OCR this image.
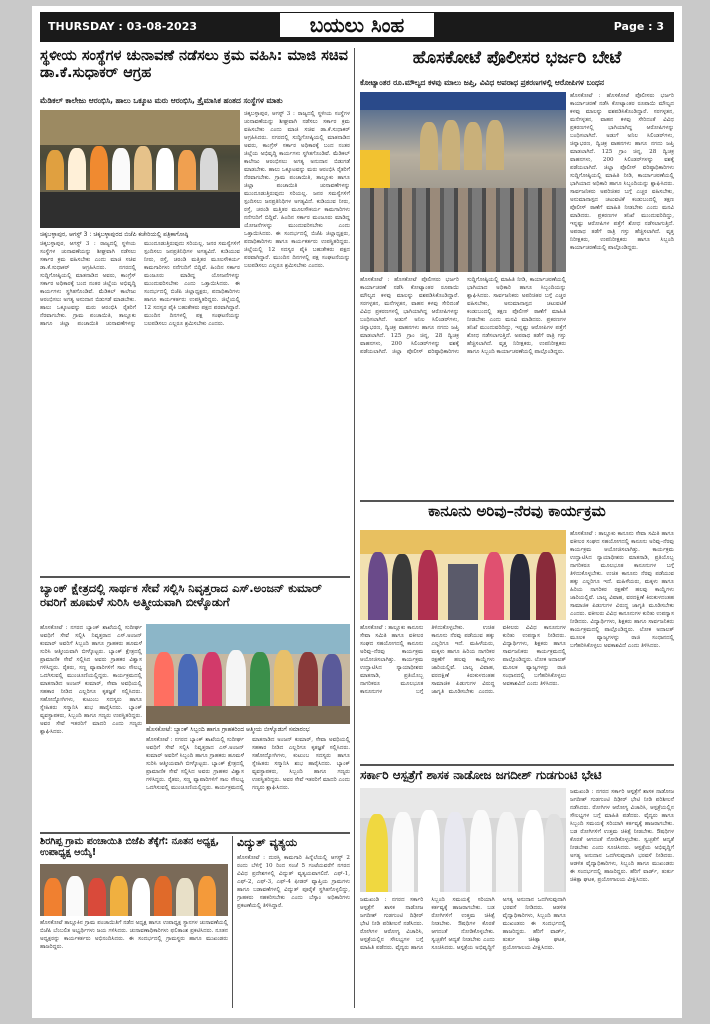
THURSDAY : 03-08-2023	ಬಯಲು ಸಿಂಹ	Page : 3
ಸ್ಥಳೀಯ ಸಂಸ್ಥೆಗಳ ಚುನಾವಣೆ ನಡೆಸಲು ಕ್ರಮ ವಹಿಸಿ: ಮಾಜಿ ಸಚಿವ ಡಾ.ಕೆ.ಸುಧಾಕರ್ ಆಗ್ರಹ
ಮೆಡಿಕಲ್ ಕಾಲೇಜು ಆರಂಭಿಸಿ, ಹಾಲು ಒಕ್ಕೂಟ ಮರು ಆರಂಭಿಸಿ, ತ್ರೈಮಾಸಿಕ ಹಂತದ ಸಂಸ್ಥೆಗಳ ಮಾತು
ಚಿಕ್ಕಬಳ್ಳಾಪುರ, ಆಗಸ್ಟ್ 3 : ಚಿಕ್ಕಬಳ್ಳಾಪುರದ ಬಿಜೆಪಿ ಕಚೇರಿಯಲ್ಲಿ ಪತ್ರಿಕಾಗೋಷ್ಠಿ
ಚಿಕ್ಕಬಳ್ಳಾಪುರ, ಆಗಸ್ಟ್ 3 : ರಾಜ್ಯದಲ್ಲಿ ಸ್ಥಳೀಯ ಸಂಸ್ಥೆಗಳ ಚುನಾವಣೆಯನ್ನು ಶೀಘ್ರವಾಗಿ ನಡೆಸಲು ಸರ್ಕಾರ ಕ್ರಮ ವಹಿಸಬೇಕು ಎಂದು ಮಾಜಿ ಸಚಿವ ಡಾ.ಕೆ.ಸುಧಾಕರ್ ಆಗ್ರಹಿಸಿದರು. ನಗರದಲ್ಲಿ ಸುದ್ದಿಗೋಷ್ಠಿಯಲ್ಲಿ ಮಾತನಾಡಿದ ಅವರು, ಕಾಂಗ್ರೆಸ್ ಸರ್ಕಾರ ಅಧಿಕಾರಕ್ಕೆ ಬಂದ ನಂತರ ಜಿಲ್ಲೆಯ ಅಭಿವೃದ್ಧಿ ಕಾರ್ಯಗಳು ಸ್ಥಗಿತಗೊಂಡಿವೆ. ಮೆಡಿಕಲ್ ಕಾಲೇಜು ಆರಂಭಿಸಲು ಅಗತ್ಯ ಅನುದಾನ ಬಿಡುಗಡೆ ಮಾಡಬೇಕು. ಹಾಲು ಒಕ್ಕೂಟವನ್ನು ಮರು ಆರಂಭಿಸಿ ರೈತರಿಗೆ ನೆರವಾಗಬೇಕು. ಗ್ರಾಮ ಪಂಚಾಯಿತಿ, ತಾಲ್ಲೂಕು ಹಾಗೂ ಜಿಲ್ಲಾ ಪಂಚಾಯಿತಿ ಚುನಾವಣೆಗಳನ್ನು ಮುಂದೂಡುತ್ತಿರುವುದು ಸರಿಯಲ್ಲ. ಜನರ ಸಮಸ್ಯೆಗಳಿಗೆ ಸ್ಪಂದಿಸಲು ಜನಪ್ರತಿನಿಧಿಗಳ ಅಗತ್ಯವಿದೆ. ಕುಡಿಯುವ ನೀರು, ರಸ್ತೆ, ಚರಂಡಿ ಮತ್ತಿತರ ಮೂಲಸೌಕರ್ಯ ಕಾಮಗಾರಿಗಳು ನನೆಗುದಿಗೆ ಬಿದ್ದಿವೆ. ಹಿಂದಿನ ಸರ್ಕಾರ ಮಂಜೂರು ಮಾಡಿದ್ದ ಯೋಜನೆಗಳನ್ನು ಮುಂದುವರಿಸಬೇಕು ಎಂದು ಒತ್ತಾಯಿಸಿದರು. ಈ ಸಂದರ್ಭದಲ್ಲಿ ಬಿಜೆಪಿ ಜಿಲ್ಲಾಧ್ಯಕ್ಷರು, ಪದಾಧಿಕಾರಿಗಳು ಹಾಗೂ ಕಾರ್ಯಕರ್ತರು ಉಪಸ್ಥಿತರಿದ್ದರು. ಜಿಲ್ಲೆಯಲ್ಲಿ 12 ಸದಸ್ಯರ ಪೈಕಿ ಬಹುತೇಕರು ಪಕ್ಷದ ಪರವಾಗಿದ್ದಾರೆ. ಮುಂದಿನ ದಿನಗಳಲ್ಲಿ ಪಕ್ಷ ಸಂಘಟನೆಯನ್ನು ಬಲಪಡಿಸಲು ಎಲ್ಲರೂ ಶ್ರಮಿಸಬೇಕು ಎಂದರು.
ಚಿಕ್ಕಬಳ್ಳಾಪುರ, ಆಗಸ್ಟ್ 3 : ರಾಜ್ಯದಲ್ಲಿ ಸ್ಥಳೀಯ ಸಂಸ್ಥೆಗಳ ಚುನಾವಣೆಯನ್ನು ಶೀಘ್ರವಾಗಿ ನಡೆಸಲು ಸರ್ಕಾರ ಕ್ರಮ ವಹಿಸಬೇಕು ಎಂದು ಮಾಜಿ ಸಚಿವ ಡಾ.ಕೆ.ಸುಧಾಕರ್ ಆಗ್ರಹಿಸಿದರು. ನಗರದಲ್ಲಿ ಸುದ್ದಿಗೋಷ್ಠಿಯಲ್ಲಿ ಮಾತನಾಡಿದ ಅವರು, ಕಾಂಗ್ರೆಸ್ ಸರ್ಕಾರ ಅಧಿಕಾರಕ್ಕೆ ಬಂದ ನಂತರ ಜಿಲ್ಲೆಯ ಅಭಿವೃದ್ಧಿ ಕಾರ್ಯಗಳು ಸ್ಥಗಿತಗೊಂಡಿವೆ. ಮೆಡಿಕಲ್ ಕಾಲೇಜು ಆರಂಭಿಸಲು ಅಗತ್ಯ ಅನುದಾನ ಬಿಡುಗಡೆ ಮಾಡಬೇಕು. ಹಾಲು ಒಕ್ಕೂಟವನ್ನು ಮರು ಆರಂಭಿಸಿ ರೈತರಿಗೆ ನೆರವಾಗಬೇಕು. ಗ್ರಾಮ ಪಂಚಾಯಿತಿ, ತಾಲ್ಲೂಕು ಹಾಗೂ ಜಿಲ್ಲಾ ಪಂಚಾಯಿತಿ ಚುನಾವಣೆಗಳನ್ನು ಮುಂದೂಡುತ್ತಿರುವುದು ಸರಿಯಲ್ಲ. ಜನರ ಸಮಸ್ಯೆಗಳಿಗೆ ಸ್ಪಂದಿಸಲು ಜನಪ್ರತಿನಿಧಿಗಳ ಅಗತ್ಯವಿದೆ. ಕುಡಿಯುವ ನೀರು, ರಸ್ತೆ, ಚರಂಡಿ ಮತ್ತಿತರ ಮೂಲಸೌಕರ್ಯ ಕಾಮಗಾರಿಗಳು ನನೆಗುದಿಗೆ ಬಿದ್ದಿವೆ. ಹಿಂದಿನ ಸರ್ಕಾರ ಮಂಜೂರು ಮಾಡಿದ್ದ ಯೋಜನೆಗಳನ್ನು ಮುಂದುವರಿಸಬೇಕು ಎಂದು ಒತ್ತಾಯಿಸಿದರು. ಈ ಸಂದರ್ಭದಲ್ಲಿ ಬಿಜೆಪಿ ಜಿಲ್ಲಾಧ್ಯಕ್ಷರು, ಪದಾಧಿಕಾರಿಗಳು ಹಾಗೂ ಕಾರ್ಯಕರ್ತರು ಉಪಸ್ಥಿತರಿದ್ದರು. ಜಿಲ್ಲೆಯಲ್ಲಿ 12 ಸದಸ್ಯರ ಪೈಕಿ ಬಹುತೇಕರು ಪಕ್ಷದ ಪರವಾಗಿದ್ದಾರೆ. ಮುಂದಿನ ದಿನಗಳಲ್ಲಿ ಪಕ್ಷ ಸಂಘಟನೆಯನ್ನು ಬಲಪಡಿಸಲು ಎಲ್ಲರೂ ಶ್ರಮಿಸಬೇಕು ಎಂದರು.
ಬ್ಯಾಂಕ್ ಕ್ಷೇತ್ರದಲ್ಲಿ ಸಾರ್ಥಕ ಸೇವೆ ಸಲ್ಲಿಸಿ ನಿವೃತ್ತರಾದ ಎಸ್.ಅಂಜನ್ ಕುಮಾರ್ ರವರಿಗೆ ಹೂಮಳೆ ಸುರಿಸಿ ಅತ್ಮೀಯವಾಗಿ ಬೀಳ್ಕೊಡುಗೆ
ಹೊಸಕೋಟೆ : ನಗರದ ಬ್ಯಾಂಕ್ ಶಾಖೆಯಲ್ಲಿ ಸುದೀರ್ಘ ಅವಧಿಗೆ ಸೇವೆ ಸಲ್ಲಿಸಿ ನಿವೃತ್ತರಾದ ಎಸ್.ಅಂಜನ್ ಕುಮಾರ್ ಅವರಿಗೆ ಸಿಬ್ಬಂದಿ ಹಾಗೂ ಗ್ರಾಹಕರು ಹೂಮಳೆ ಸುರಿಸಿ ಆತ್ಮೀಯವಾಗಿ ಬೀಳ್ಕೊಟ್ಟರು. ಬ್ಯಾಂಕ್ ಕ್ಷೇತ್ರದಲ್ಲಿ ಪ್ರಾಮಾಣಿಕ ಸೇವೆ ಸಲ್ಲಿಸಿದ ಅವರು ಗ್ರಾಹಕರ ವಿಶ್ವಾಸ ಗಳಿಸಿದ್ದರು. ರೈತರು, ಸಣ್ಣ ವ್ಯಾಪಾರಿಗಳಿಗೆ ಸಾಲ ಸೌಲಭ್ಯ ಒದಗಿಸುವಲ್ಲಿ ಮುಂಚೂಣಿಯಲ್ಲಿದ್ದರು. ಕಾರ್ಯಕ್ರಮದಲ್ಲಿ ಮಾತನಾಡಿದ ಅಂಜನ್ ಕುಮಾರ್, ಸೇವಾ ಅವಧಿಯಲ್ಲಿ ಸಹಕಾರ ನೀಡಿದ ಎಲ್ಲರಿಗೂ ಕೃತಜ್ಞತೆ ಸಲ್ಲಿಸಿದರು. ಸಹೋದ್ಯೋಗಿಗಳು, ಕುಟುಂಬ ಸದಸ್ಯರು ಹಾಗೂ ಸ್ನೇಹಿತರು ಸನ್ಮಾನಿಸಿ ಶುಭ ಹಾರೈಸಿದರು. ಬ್ಯಾಂಕ್ ವ್ಯವಸ್ಥಾಪಕರು, ಸಿಬ್ಬಂದಿ ಹಾಗೂ ಗಣ್ಯರು ಉಪಸ್ಥಿತರಿದ್ದರು. ಅವರ ಸೇವೆ ಇತರರಿಗೆ ಮಾದರಿ ಎಂದು ಗಣ್ಯರು ಶ್ಲಾಘಿಸಿದರು.	ಹೊಸಕೋಟೆ: ಬ್ಯಾಂಕ್ ಸಿಬ್ಬಂದಿ ಹಾಗೂ ಗ್ರಾಹಕರಿಂದ ಆತ್ಮೀಯ ಬೀಳ್ಕೊಡುಗೆ ಸಮಾರಂಭ
ಹೊಸಕೋಟೆ : ನಗರದ ಬ್ಯಾಂಕ್ ಶಾಖೆಯಲ್ಲಿ ಸುದೀರ್ಘ ಅವಧಿಗೆ ಸೇವೆ ಸಲ್ಲಿಸಿ ನಿವೃತ್ತರಾದ ಎಸ್.ಅಂಜನ್ ಕುಮಾರ್ ಅವರಿಗೆ ಸಿಬ್ಬಂದಿ ಹಾಗೂ ಗ್ರಾಹಕರು ಹೂಮಳೆ ಸುರಿಸಿ ಆತ್ಮೀಯವಾಗಿ ಬೀಳ್ಕೊಟ್ಟರು. ಬ್ಯಾಂಕ್ ಕ್ಷೇತ್ರದಲ್ಲಿ ಪ್ರಾಮಾಣಿಕ ಸೇವೆ ಸಲ್ಲಿಸಿದ ಅವರು ಗ್ರಾಹಕರ ವಿಶ್ವಾಸ ಗಳಿಸಿದ್ದರು. ರೈತರು, ಸಣ್ಣ ವ್ಯಾಪಾರಿಗಳಿಗೆ ಸಾಲ ಸೌಲಭ್ಯ ಒದಗಿಸುವಲ್ಲಿ ಮುಂಚೂಣಿಯಲ್ಲಿದ್ದರು. ಕಾರ್ಯಕ್ರಮದಲ್ಲಿ ಮಾತನಾಡಿದ ಅಂಜನ್ ಕುಮಾರ್, ಸೇವಾ ಅವಧಿಯಲ್ಲಿ ಸಹಕಾರ ನೀಡಿದ ಎಲ್ಲರಿಗೂ ಕೃತಜ್ಞತೆ ಸಲ್ಲಿಸಿದರು. ಸಹೋದ್ಯೋಗಿಗಳು, ಕುಟುಂಬ ಸದಸ್ಯರು ಹಾಗೂ ಸ್ನೇಹಿತರು ಸನ್ಮಾನಿಸಿ ಶುಭ ಹಾರೈಸಿದರು. ಬ್ಯಾಂಕ್ ವ್ಯವಸ್ಥಾಪಕರು, ಸಿಬ್ಬಂದಿ ಹಾಗೂ ಗಣ್ಯರು ಉಪಸ್ಥಿತರಿದ್ದರು. ಅವರ ಸೇವೆ ಇತರರಿಗೆ ಮಾದರಿ ಎಂದು ಗಣ್ಯರು ಶ್ಲಾಘಿಸಿದರು.
ಶಿರಗಿಪ್ಪ ಗ್ರಾಮ ಪಂಚಾಯಿತಿ ಬಿಜೆಪಿ ತೆಕ್ಕೆಗೆ: ನೂತನ ಅಧ್ಯಕ್ಷ, ಉಪಾಧ್ಯಕ್ಷ ಆಯ್ಕೆ!
ಹೊಸಕೋಟೆ ತಾಲ್ಲೂಕಿನ ಗ್ರಾಮ ಪಂಚಾಯಿತಿಗೆ ನಡೆದ ಅಧ್ಯಕ್ಷ ಹಾಗೂ ಉಪಾಧ್ಯಕ್ಷ ಸ್ಥಾನಗಳ ಚುನಾವಣೆಯಲ್ಲಿ ಬಿಜೆಪಿ ಬೆಂಬಲಿತ ಅಭ್ಯರ್ಥಿಗಳು ಜಯ ಗಳಿಸಿದರು. ಚುನಾವಣಾಧಿಕಾರಿಗಳು ಫಲಿತಾಂಶ ಪ್ರಕಟಿಸಿದರು. ನೂತನ ಅಧ್ಯಕ್ಷರನ್ನು ಕಾರ್ಯಕರ್ತರು ಅಭಿನಂದಿಸಿದರು. ಈ ಸಂದರ್ಭದಲ್ಲಿ ಗ್ರಾಮಸ್ಥರು ಹಾಗೂ ಮುಖಂಡರು ಹಾಜರಿದ್ದರು.
ವಿದ್ಯುತ್ ವ್ಯತ್ಯಯ
ಹೊಸಕೋಟೆ : ದುರಸ್ತಿ ಕಾಮಗಾರಿ ಹಿನ್ನೆಲೆಯಲ್ಲಿ ಆಗಸ್ಟ್ 2 ರಂದು ಬೆಳಿಗ್ಗೆ 10 ರಿಂದ ಸಂಜೆ 5 ಗಂಟೆಯವರೆಗೆ ನಗರದ ವಿವಿಧ ಪ್ರದೇಶಗಳಲ್ಲಿ ವಿದ್ಯುತ್ ವ್ಯತ್ಯಯವಾಗಲಿದೆ. ಎಫ್-1, ಎಫ್-2, ಎಫ್-3, ಎಫ್-4 ಫೀಡರ್ ವ್ಯಾಪ್ತಿಯ ಗ್ರಾಮಗಳು ಹಾಗೂ ಬಡಾವಣೆಗಳಲ್ಲಿ ವಿದ್ಯುತ್ ಪೂರೈಕೆ ಸ್ಥಗಿತಗೊಳ್ಳಲಿದ್ದು, ಗ್ರಾಹಕರು ಸಹಕರಿಸಬೇಕು ಎಂದು ಬೆಸ್ಕಾಂ ಅಧಿಕಾರಿಗಳು ಪ್ರಕಟಣೆಯಲ್ಲಿ ತಿಳಿಸಿದ್ದಾರೆ.
ಹೊಸಕೋಟೆ ಪೊಲೀಸರ ಭರ್ಜರಿ ಬೇಟೆ
ಕೋಟ್ಯಾಂತರ ರೂ.ಮೌಲ್ಯದ ಕಳವು ಮಾಲು ಜಪ್ತಿ, ವಿವಿಧ ಅಪರಾಧ ಪ್ರಕರಣಗಳಲ್ಲಿ ಆರೋಪಿಗಳ ಬಂಧನ
ಹೊಸಕೋಟೆ : ಹೊಸಕೋಟೆ ಪೊಲೀಸರು ಭರ್ಜರಿ ಕಾರ್ಯಾಚರಣೆ ನಡೆಸಿ ಕೋಟ್ಯಾಂತರ ರೂಪಾಯಿ ಮೌಲ್ಯದ ಕಳವು ಮಾಲನ್ನು ವಶಪಡಿಸಿಕೊಂಡಿದ್ದಾರೆ. ಸರಗಳ್ಳತನ, ಮನೆಗಳ್ಳತನ, ವಾಹನ ಕಳವು ಸೇರಿದಂತೆ ವಿವಿಧ ಪ್ರಕರಣಗಳಲ್ಲಿ ಭಾಗಿಯಾಗಿದ್ದ ಆರೋಪಿಗಳನ್ನು ಬಂಧಿಸಲಾಗಿದೆ. ಅಡುಗೆ ಅನಿಲ ಸಿಲಿಂಡರ್‌ಗಳು, ಚಿನ್ನಾಭರಣ, ದ್ವಿಚಕ್ರ ವಾಹನಗಳು ಹಾಗೂ ನಗದು ಜಪ್ತಿ ಮಾಡಲಾಗಿದೆ. 125 ಗ್ರಾಂ ಚಿನ್ನ, 28 ದ್ವಿಚಕ್ರ ವಾಹನಗಳು, 200 ಸಿಲಿಂಡರ್‌ಗಳನ್ನು ವಶಕ್ಕೆ ಪಡೆಯಲಾಗಿದೆ. ಜಿಲ್ಲಾ ಪೊಲೀಸ್ ವರಿಷ್ಠಾಧಿಕಾರಿಗಳು ಸುದ್ದಿಗೋಷ್ಠಿಯಲ್ಲಿ ಮಾಹಿತಿ ನೀಡಿ, ಕಾರ್ಯಾಚರಣೆಯಲ್ಲಿ ಭಾಗಿಯಾದ ಅಧಿಕಾರಿ ಹಾಗೂ ಸಿಬ್ಬಂದಿಯನ್ನು ಶ್ಲಾಘಿಸಿದರು. ಸಾರ್ವಜನಿಕರು ಅಪರಿಚಿತರ ಬಗ್ಗೆ ಎಚ್ಚರ ವಹಿಸಬೇಕು, ಅನುಮಾನಾಸ್ಪದ ಚಟುವಟಿಕೆ ಕಂಡುಬಂದಲ್ಲಿ ತಕ್ಷಣ ಪೊಲೀಸ್ ಠಾಣೆಗೆ ಮಾಹಿತಿ ನೀಡಬೇಕು ಎಂದು ಮನವಿ ಮಾಡಿದರು. ಪ್ರಕರಣಗಳ ತನಿಖೆ ಮುಂದುವರಿದಿದ್ದು, ಇನ್ನಷ್ಟು ಆರೋಪಿಗಳ ಪತ್ತೆಗೆ ಶೋಧ ನಡೆಸಲಾಗುತ್ತಿದೆ. ಅಪರಾಧ ತಡೆಗೆ ರಾತ್ರಿ ಗಸ್ತು ಹೆಚ್ಚಿಸಲಾಗಿದೆ. ವೃತ್ತ ನಿರೀಕ್ಷಕರು, ಉಪನಿರೀಕ್ಷಕರು ಹಾಗೂ ಸಿಬ್ಬಂದಿ ಕಾರ್ಯಾಚರಣೆಯಲ್ಲಿ ಪಾಲ್ಗೊಂಡಿದ್ದರು.
ಹೊಸಕೋಟೆ : ಹೊಸಕೋಟೆ ಪೊಲೀಸರು ಭರ್ಜರಿ ಕಾರ್ಯಾಚರಣೆ ನಡೆಸಿ ಕೋಟ್ಯಾಂತರ ರೂಪಾಯಿ ಮೌಲ್ಯದ ಕಳವು ಮಾಲನ್ನು ವಶಪಡಿಸಿಕೊಂಡಿದ್ದಾರೆ. ಸರಗಳ್ಳತನ, ಮನೆಗಳ್ಳತನ, ವಾಹನ ಕಳವು ಸೇರಿದಂತೆ ವಿವಿಧ ಪ್ರಕರಣಗಳಲ್ಲಿ ಭಾಗಿಯಾಗಿದ್ದ ಆರೋಪಿಗಳನ್ನು ಬಂಧಿಸಲಾಗಿದೆ. ಅಡುಗೆ ಅನಿಲ ಸಿಲಿಂಡರ್‌ಗಳು, ಚಿನ್ನಾಭರಣ, ದ್ವಿಚಕ್ರ ವಾಹನಗಳು ಹಾಗೂ ನಗದು ಜಪ್ತಿ ಮಾಡಲಾಗಿದೆ. 125 ಗ್ರಾಂ ಚಿನ್ನ, 28 ದ್ವಿಚಕ್ರ ವಾಹನಗಳು, 200 ಸಿಲಿಂಡರ್‌ಗಳನ್ನು ವಶಕ್ಕೆ ಪಡೆಯಲಾಗಿದೆ. ಜಿಲ್ಲಾ ಪೊಲೀಸ್ ವರಿಷ್ಠಾಧಿಕಾರಿಗಳು ಸುದ್ದಿಗೋಷ್ಠಿಯಲ್ಲಿ ಮಾಹಿತಿ ನೀಡಿ, ಕಾರ್ಯಾಚರಣೆಯಲ್ಲಿ ಭಾಗಿಯಾದ ಅಧಿಕಾರಿ ಹಾಗೂ ಸಿಬ್ಬಂದಿಯನ್ನು ಶ್ಲಾಘಿಸಿದರು. ಸಾರ್ವಜನಿಕರು ಅಪರಿಚಿತರ ಬಗ್ಗೆ ಎಚ್ಚರ ವಹಿಸಬೇಕು, ಅನುಮಾನಾಸ್ಪದ ಚಟುವಟಿಕೆ ಕಂಡುಬಂದಲ್ಲಿ ತಕ್ಷಣ ಪೊಲೀಸ್ ಠಾಣೆಗೆ ಮಾಹಿತಿ ನೀಡಬೇಕು ಎಂದು ಮನವಿ ಮಾಡಿದರು. ಪ್ರಕರಣಗಳ ತನಿಖೆ ಮುಂದುವರಿದಿದ್ದು, ಇನ್ನಷ್ಟು ಆರೋಪಿಗಳ ಪತ್ತೆಗೆ ಶೋಧ ನಡೆಸಲಾಗುತ್ತಿದೆ. ಅಪರಾಧ ತಡೆಗೆ ರಾತ್ರಿ ಗಸ್ತು ಹೆಚ್ಚಿಸಲಾಗಿದೆ. ವೃತ್ತ ನಿರೀಕ್ಷಕರು, ಉಪನಿರೀಕ್ಷಕರು ಹಾಗೂ ಸಿಬ್ಬಂದಿ ಕಾರ್ಯಾಚರಣೆಯಲ್ಲಿ ಪಾಲ್ಗೊಂಡಿದ್ದರು.
ಕಾನೂನು ಅರಿವು–ನೆರವು ಕಾರ್ಯಕ್ರಮ
ಹೊಸಕೋಟೆ : ತಾಲ್ಲೂಕು ಕಾನೂನು ಸೇವಾ ಸಮಿತಿ ಹಾಗೂ ವಕೀಲರ ಸಂಘದ ಸಹಯೋಗದಲ್ಲಿ ಕಾನೂನು ಅರಿವು–ನೆರವು ಕಾರ್ಯಕ್ರಮ ಆಯೋಜಿಸಲಾಗಿತ್ತು. ಕಾರ್ಯಕ್ರಮ ಉದ್ಘಾಟಿಸಿದ ನ್ಯಾಯಾಧೀಶರು ಮಾತನಾಡಿ, ಪ್ರತಿಯೊಬ್ಬ ನಾಗರಿಕರೂ ಮೂಲಭೂತ ಕಾನೂನುಗಳ ಬಗ್ಗೆ ತಿಳಿದುಕೊಳ್ಳಬೇಕು. ಉಚಿತ ಕಾನೂನು ನೆರವು ಪಡೆಯುವ ಹಕ್ಕು ಎಲ್ಲರಿಗೂ ಇದೆ. ಮಹಿಳೆಯರು, ಮಕ್ಕಳು ಹಾಗೂ ಹಿರಿಯ ನಾಗರಿಕರ ರಕ್ಷಣೆಗೆ ಹಲವು ಕಾಯ್ದೆಗಳು ಜಾರಿಯಲ್ಲಿವೆ. ಬಾಲ್ಯ ವಿವಾಹ, ವರದಕ್ಷಿಣೆ ಕಿರುಕುಳದಂತಹ ಸಾಮಾಜಿಕ ಪಿಡುಗುಗಳ ವಿರುದ್ಧ ಜಾಗೃತಿ ಮೂಡಿಸಬೇಕು ಎಂದರು. ವಕೀಲರು ವಿವಿಧ ಕಾನೂನುಗಳ ಕುರಿತು ಉಪನ್ಯಾಸ ನೀಡಿದರು. ವಿದ್ಯಾರ್ಥಿಗಳು, ಶಿಕ್ಷಕರು ಹಾಗೂ ಸಾರ್ವಜನಿಕರು ಕಾರ್ಯಕ್ರಮದಲ್ಲಿ ಪಾಲ್ಗೊಂಡಿದ್ದರು. ಲೋಕ ಅದಾಲತ್ ಮೂಲಕ ವ್ಯಾಜ್ಯಗಳನ್ನು ರಾಜಿ ಸಂಧಾನದಲ್ಲಿ ಬಗೆಹರಿಸಿಕೊಳ್ಳಲು ಅವಕಾಶವಿದೆ ಎಂದು ತಿಳಿಸಿದರು.
ಹೊಸಕೋಟೆ : ತಾಲ್ಲೂಕು ಕಾನೂನು ಸೇವಾ ಸಮಿತಿ ಹಾಗೂ ವಕೀಲರ ಸಂಘದ ಸಹಯೋಗದಲ್ಲಿ ಕಾನೂನು ಅರಿವು–ನೆರವು ಕಾರ್ಯಕ್ರಮ ಆಯೋಜಿಸಲಾಗಿತ್ತು. ಕಾರ್ಯಕ್ರಮ ಉದ್ಘಾಟಿಸಿದ ನ್ಯಾಯಾಧೀಶರು ಮಾತನಾಡಿ, ಪ್ರತಿಯೊಬ್ಬ ನಾಗರಿಕರೂ ಮೂಲಭೂತ ಕಾನೂನುಗಳ ಬಗ್ಗೆ ತಿಳಿದುಕೊಳ್ಳಬೇಕು. ಉಚಿತ ಕಾನೂನು ನೆರವು ಪಡೆಯುವ ಹಕ್ಕು ಎಲ್ಲರಿಗೂ ಇದೆ. ಮಹಿಳೆಯರು, ಮಕ್ಕಳು ಹಾಗೂ ಹಿರಿಯ ನಾಗರಿಕರ ರಕ್ಷಣೆಗೆ ಹಲವು ಕಾಯ್ದೆಗಳು ಜಾರಿಯಲ್ಲಿವೆ. ಬಾಲ್ಯ ವಿವಾಹ, ವರದಕ್ಷಿಣೆ ಕಿರುಕುಳದಂತಹ ಸಾಮಾಜಿಕ ಪಿಡುಗುಗಳ ವಿರುದ್ಧ ಜಾಗೃತಿ ಮೂಡಿಸಬೇಕು ಎಂದರು. ವಕೀಲರು ವಿವಿಧ ಕಾನೂನುಗಳ ಕುರಿತು ಉಪನ್ಯಾಸ ನೀಡಿದರು. ವಿದ್ಯಾರ್ಥಿಗಳು, ಶಿಕ್ಷಕರು ಹಾಗೂ ಸಾರ್ವಜನಿಕರು ಕಾರ್ಯಕ್ರಮದಲ್ಲಿ ಪಾಲ್ಗೊಂಡಿದ್ದರು. ಲೋಕ ಅದಾಲತ್ ಮೂಲಕ ವ್ಯಾಜ್ಯಗಳನ್ನು ರಾಜಿ ಸಂಧಾನದಲ್ಲಿ ಬಗೆಹರಿಸಿಕೊಳ್ಳಲು ಅವಕಾಶವಿದೆ ಎಂದು ತಿಳಿಸಿದರು.
ಸರ್ಕಾರಿ ಆಸ್ಪತ್ರೆಗೆ ಶಾಸಕ ನಾಡೋಜ ಜಗದೀಶ್ ಗುಡಗುಂಟಿ ಭೇಟಿ
ಜಮಖಂಡಿ : ನಗರದ ಸರ್ಕಾರಿ ಆಸ್ಪತ್ರೆಗೆ ಶಾಸಕ ನಾಡೋಜ ಜಗದೀಶ್ ಗುಡಗುಂಟಿ ದಿಢೀರ್ ಭೇಟಿ ನೀಡಿ ಪರಿಶೀಲನೆ ನಡೆಸಿದರು. ರೋಗಿಗಳ ಆರೋಗ್ಯ ವಿಚಾರಿಸಿ, ಆಸ್ಪತ್ರೆಯಲ್ಲಿನ ಸೌಲಭ್ಯಗಳ ಬಗ್ಗೆ ಮಾಹಿತಿ ಪಡೆದರು. ವೈದ್ಯರು ಹಾಗೂ ಸಿಬ್ಬಂದಿ ಸಮಯಕ್ಕೆ ಸರಿಯಾಗಿ ಕರ್ತವ್ಯಕ್ಕೆ ಹಾಜರಾಗಬೇಕು. ಬಡ ರೋಗಿಗಳಿಗೆ ಉತ್ತಮ ಚಿಕಿತ್ಸೆ ನೀಡಬೇಕು. ಔಷಧಿಗಳ ಕೊರತೆ ಆಗದಂತೆ ನೋಡಿಕೊಳ್ಳಬೇಕು. ಸ್ವಚ್ಛತೆಗೆ ಆದ್ಯತೆ ನೀಡಬೇಕು ಎಂದು ಸೂಚಿಸಿದರು. ಆಸ್ಪತ್ರೆಯ ಅಭಿವೃದ್ಧಿಗೆ ಅಗತ್ಯ ಅನುದಾನ ಒದಗಿಸುವುದಾಗಿ ಭರವಸೆ ನೀಡಿದರು. ಆಡಳಿತ ವೈದ್ಯಾಧಿಕಾರಿಗಳು, ಸಿಬ್ಬಂದಿ ಹಾಗೂ ಮುಖಂಡರು ಈ ಸಂದರ್ಭದಲ್ಲಿ ಹಾಜರಿದ್ದರು. ಹೆರಿಗೆ ವಾರ್ಡ್, ತುರ್ತು ಚಿಕಿತ್ಸಾ ಘಟಕ, ಪ್ರಯೋಗಾಲಯ ವೀಕ್ಷಿಸಿದರು.
ಜಮಖಂಡಿ : ನಗರದ ಸರ್ಕಾರಿ ಆಸ್ಪತ್ರೆಗೆ ಶಾಸಕ ನಾಡೋಜ ಜಗದೀಶ್ ಗುಡಗುಂಟಿ ದಿಢೀರ್ ಭೇಟಿ ನೀಡಿ ಪರಿಶೀಲನೆ ನಡೆಸಿದರು. ರೋಗಿಗಳ ಆರೋಗ್ಯ ವಿಚಾರಿಸಿ, ಆಸ್ಪತ್ರೆಯಲ್ಲಿನ ಸೌಲಭ್ಯಗಳ ಬಗ್ಗೆ ಮಾಹಿತಿ ಪಡೆದರು. ವೈದ್ಯರು ಹಾಗೂ ಸಿಬ್ಬಂದಿ ಸಮಯಕ್ಕೆ ಸರಿಯಾಗಿ ಕರ್ತವ್ಯಕ್ಕೆ ಹಾಜರಾಗಬೇಕು. ಬಡ ರೋಗಿಗಳಿಗೆ ಉತ್ತಮ ಚಿಕಿತ್ಸೆ ನೀಡಬೇಕು. ಔಷಧಿಗಳ ಕೊರತೆ ಆಗದಂತೆ ನೋಡಿಕೊಳ್ಳಬೇಕು. ಸ್ವಚ್ಛತೆಗೆ ಆದ್ಯತೆ ನೀಡಬೇಕು ಎಂದು ಸೂಚಿಸಿದರು. ಆಸ್ಪತ್ರೆಯ ಅಭಿವೃದ್ಧಿಗೆ ಅಗತ್ಯ ಅನುದಾನ ಒದಗಿಸುವುದಾಗಿ ಭರವಸೆ ನೀಡಿದರು. ಆಡಳಿತ ವೈದ್ಯಾಧಿಕಾರಿಗಳು, ಸಿಬ್ಬಂದಿ ಹಾಗೂ ಮುಖಂಡರು ಈ ಸಂದರ್ಭದಲ್ಲಿ ಹಾಜರಿದ್ದರು. ಹೆರಿಗೆ ವಾರ್ಡ್, ತುರ್ತು ಚಿಕಿತ್ಸಾ ಘಟಕ, ಪ್ರಯೋಗಾಲಯ ವೀಕ್ಷಿಸಿದರು.
